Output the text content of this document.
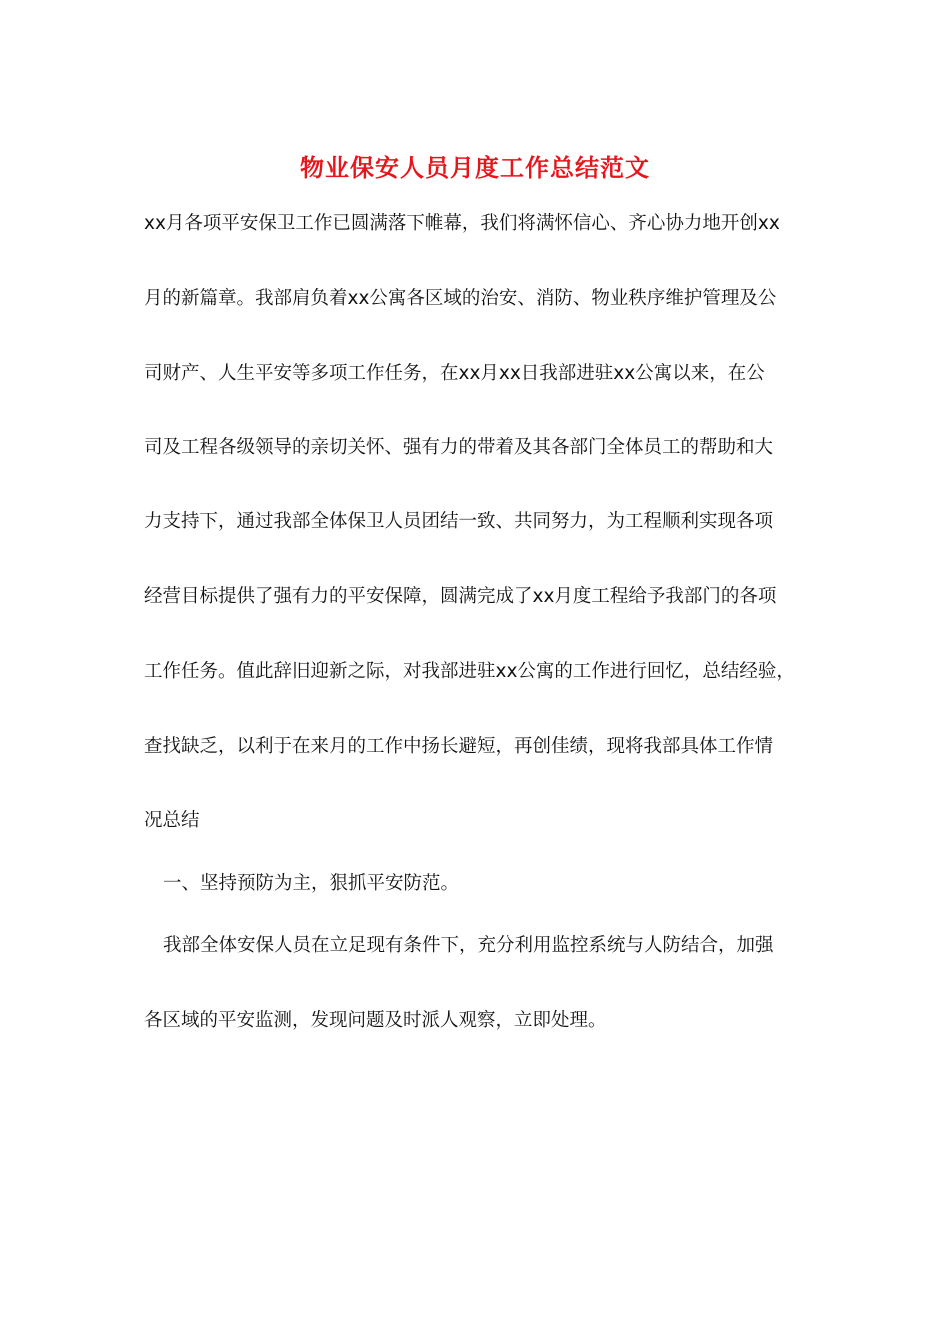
物业保安人员月度工作总结范文
xx月各项平安保卫工作已圆满落下帷幕，我们将满怀信心、齐心协力地开创xx
月的新篇章。我部肩负着xx公寓各区域的治安、消防、物业秩序维护管理及公
司财产、人生平安等多项工作任务，在xx月xx日我部进驻xx公寓以来，在公
司及工程各级领导的亲切关怀、强有力的带着及其各部门全体员工的帮助和大
力支持下，通过我部全体保卫人员团结一致、共同努力，为工程顺利实现各项
经营目标提供了强有力的平安保障，圆满完成了xx月度工程给予我部门的各项
工作任务。值此辞旧迎新之际，对我部进驻xx公寓的工作进行回忆，总结经验，
查找缺乏，以利于在来月的工作中扬长避短，再创佳绩，现将我部具体工作情
况总结
一、坚持预防为主，狠抓平安防范。
我部全体安保人员在立足现有条件下，充分利用监控系统与人防结合，加强
各区域的平安监测，发现问题及时派人观察，立即处理。
